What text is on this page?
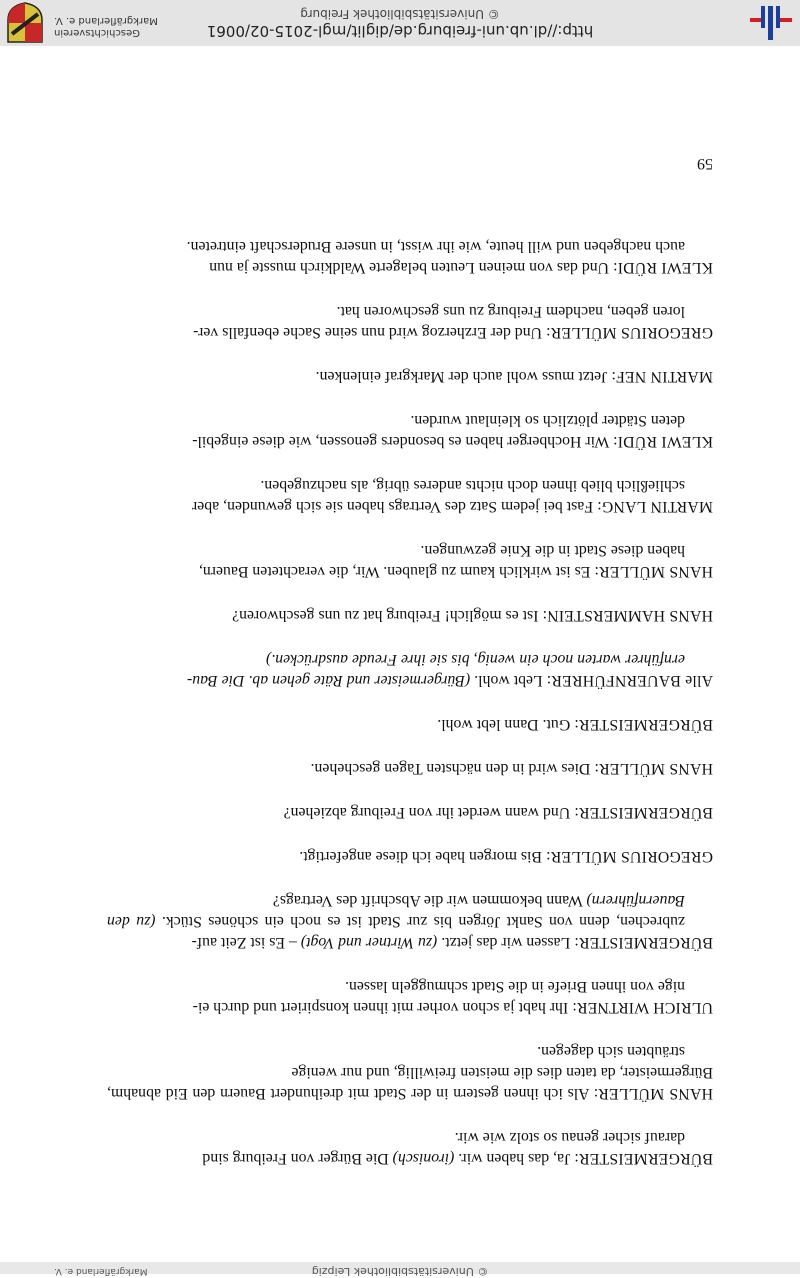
© Universitätsbibliothek Leipzig
Markgräflerland e. V.

BÜRGERMEISTER: Ja, das haben wir. (ironisch) Die Bürger von Freiburg sind
darauf sicher genau so stolz wie wir.

HANS MÜLLER: Als ich ihnen gestern in der Stadt mit dreihundert Bauern den Eid abnahm, Bürgermeister, da taten dies die meisten freiwillig, und nur wenige
sträubten sich dagegen.

ULRICH WIRTNER: Ihr habt ja schon vorher mit ihnen konspiriert und durch ei-
nige von ihnen Briefe in die Stadt schmuggeln lassen.

BÜRGERMEISTER: Lassen wir das jetzt. (zu Wirtner und Vogt) – Es ist Zeit auf-
zubrechen, denn von Sankt Jörgen bis zur Stadt ist es noch ein schönes Stück. (zu den Bauernführern) Wann bekommen wir die Abschrift des Vertrags?

GREGORIUS MÜLLER: Bis morgen habe ich diese angefertigt.

BÜRGERMEISTER: Und wann werdet ihr von Freiburg abziehen?

HANS MÜLLER: Dies wird in den nächsten Tagen geschehen.

BÜRGERMEISTER: Gut. Dann lebt wohl.

Alle BAUERNFÜHRER: Lebt wohl. (Bürgermeister und Räte gehen ab. Die Bau-
ernführer warten noch ein wenig, bis sie ihre Freude ausdrücken.)

HANS HAMMERSTEIN: Ist es möglich! Freiburg hat zu uns geschworen?

HANS MÜLLER: Es ist wirklich kaum zu glauben. Wir, die verachteten Bauern,
haben diese Stadt in die Knie gezwungen.

MARTIN LANG: Fast bei jedem Satz des Vertrags haben sie sich gewunden, aber
schließlich blieb ihnen doch nichts anderes übrig, als nachzugeben.

KLEWI RÜDI: Wir Hochberger haben es besonders genossen, wie diese eingebil-
deten Städter plötzlich so kleinlaut wurden.

MARTIN NEF: Jetzt muss wohl auch der Markgraf einlenken.

GREGORIUS MÜLLER: Und der Erzherzog wird nun seine Sache ebenfalls ver-
loren geben, nachdem Freiburg zu uns geschworen hat.

KLEWI RÜDI: Und das von meinen Leuten belagerte Waldkirch musste ja nun
auch nachgeben und will heute, wie ihr wisst, in unsere Bruderschaft eintreten.

59
http://dl.ub.uni-freiburg.de/diglit/mgl-2015-02/0061
© Universitätsbibliothek Freiburg
Geschichtsverein
Markgräflerland e. V.
